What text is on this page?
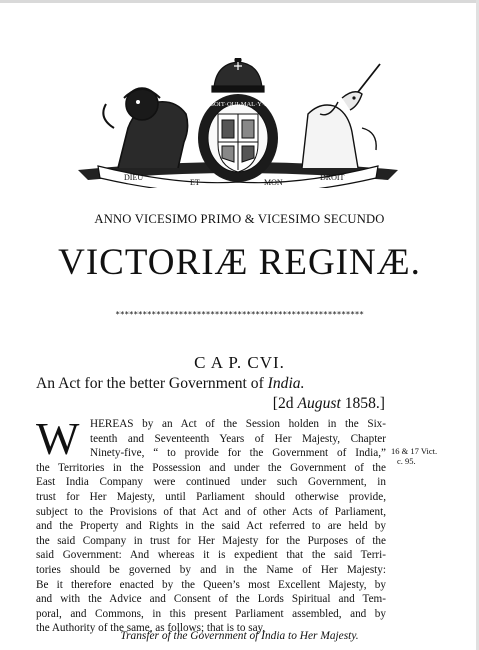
HONI·SOIT·QUI·MAL·Y·PENSE
DIEU
ET	MON
DROIT
ANNO VICESIMO PRIMO & VICESIMO SECUNDO
VICTORIÆ REGINÆ.
*******************************************************
C A P. CVI.
An Act for the better Government of India.
[2d August 1858.]
W HEREAS by an Act of the Session holden in the Six-
teenth and Seventeenth Years of Her Majesty, Chapter
Ninety-five, “ to provide for the Government of India,”
the Territories in the Possession and under the Government of the
East India Company were continued under such Government, in
trust for Her Majesty, until Parliament should otherwise provide,
subject to the Provisions of that Act and of other Acts of Parliament,
and the Property and Rights in the said Act referred to are held by
the said Company in trust for Her Majesty for the Purposes of the
said Government: And whereas it is expedient that the said Terri-
tories should be governed by and in the Name of Her Majesty:
Be it therefore enacted by the Queen’s most Excellent Majesty, by
and with the Advice and Consent of the Lords Spiritual and Tem-
poral, and Commons, in this present Parliament assembled, and by
the Authority of the same, as follows; that is to say,
16 & 17 Vict.
c. 95.
Transfer of the Government of India to Her Majesty.
